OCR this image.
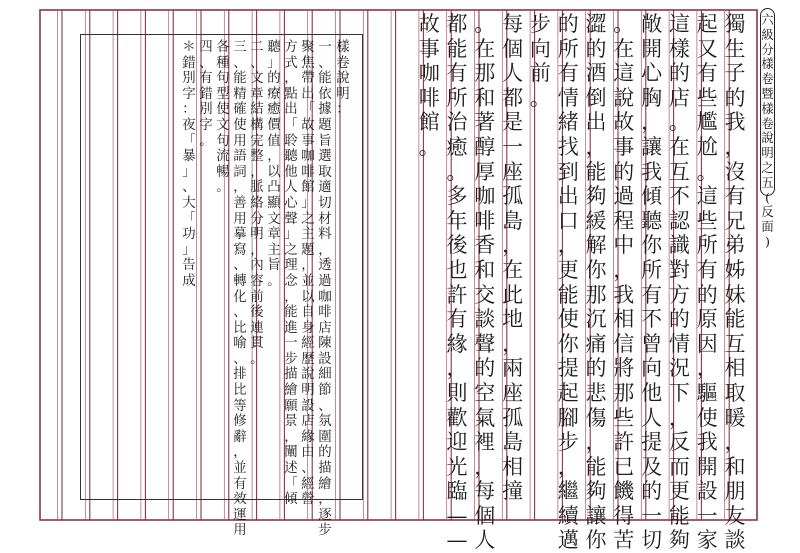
六
級
分
樣
卷
暨
樣
卷
說
明
之
五
(
反
面
)
獨
生
子
的
我
，
沒
有
兄
弟
姊
妹
能
互
相
取
暖
，
和
朋
友
談
起
又
有
些
尷
尬
。
這
些
所
有
的
原
因
，
驅
使
我
開
設
一
家
這
樣
的
店
。
在
互
不
認
識
對
方
的
情
況
下
，
反
而
更
能
夠
敞
開
心
胸
，
讓
我
傾
聽
你
所
有
不
曾
向
他
人
提
及
的
一
切
。
在
這
說
故
事
的
過
程
中
，
我
相
信
將
那
些
許
已
饑
得
苦
澀
的
酒
倒
出
，
能
夠
緩
解
你
那
沉
痛
的
悲
傷
，
能
夠
讓
你
的
所
有
情
緒
找
到
出
口
，
更
能
使
你
提
起
腳
步
，
繼
續
邁
步
向
前
。
每
個
人
都
是
一
座
孤
島
，
在
此
地
，
兩
座
孤
島
相
撞
。
在
那
和
著
醇
厚
咖
啡
香
和
交
談
聲
的
空
氣
裡
，
每
個
人
都
能
有
所
治
癒
。
多
年
後
也
許
有
緣
，
則
歡
迎
光
臨
—
—
故
事
咖
啡
館
。
樣
卷
說
明
：
一
、
能
依
據
題
旨
選
取
適
切
材
料
，
透
過
咖
啡
店
陳
設
細
節
、
氛
圍
的
描
繪
，
逐
步
聚
焦
帶
出
「
故
事
咖
啡
館
」
之
主
題
，
並
以
自
身
經
歷
說
明
設
店
緣
由
、
經
營
方
式
，
點
出
「
聆
聽
他
人
心
聲
」
之
理
念
，
能
進
一
步
描
繪
願
景
，
闡
述
「
傾
聽
」
的
療
癒
價
值
，
以
凸
顯
文
章
主
旨
。
二
、
文
章
結
構
完
整
，
脈
絡
分
明
，
內
容
前
後
連
貫
。
三
、
能
精
確
使
用
語
詞
，
善
用
摹
寫
、
轉
化
、
比
喻
、
排
比
等
修
辭
，
並
有
效
運
用
各
種
句
型
使
文
句
流
暢
。
四
、
有
錯
別
字
。
＊
錯
別
字
：
夜
「
暴
」
、
大
「
功
」
告
成
